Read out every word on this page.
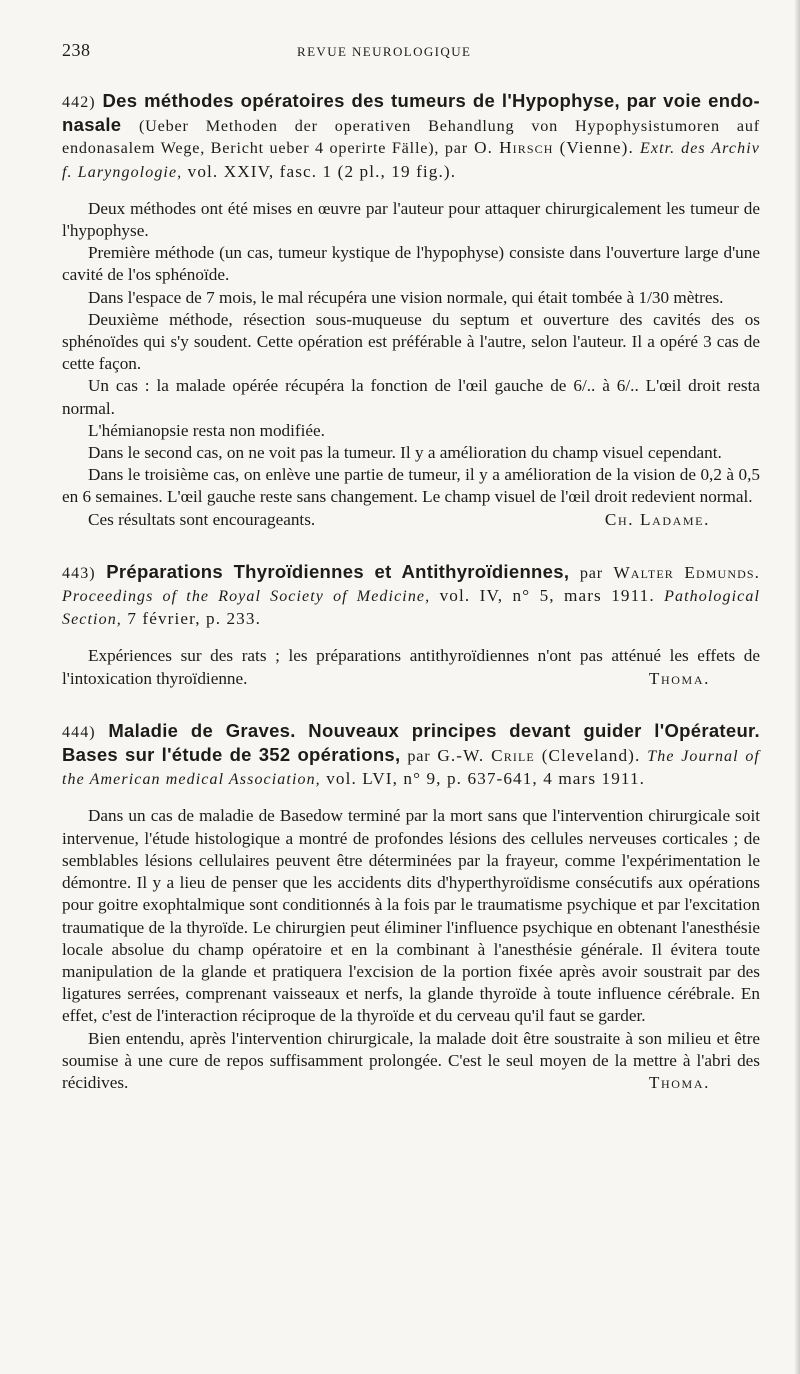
238	REVUE NEUROLOGIQUE

442) Des méthodes opératoires des tumeurs de l'Hypophyse, par voie endo-nasale (Ueber Methoden der operativen Behandlung von Hypophysistumoren auf endonasalem Wege, Bericht ueber 4 operirte Fälle), par O. Hirsch (Vienne). Extr. des Archiv f. Laryngologie, vol. XXIV, fasc. 1 (2 pl., 19 fig.).

Deux méthodes ont été mises en œuvre par l'auteur pour attaquer chirurgicalement les tumeur de l'hypophyse.

Première méthode (un cas, tumeur kystique de l'hypophyse) consiste dans l'ouverture large d'une cavité de l'os sphénoïde.

Dans l'espace de 7 mois, le mal récupéra une vision normale, qui était tombée à 1/30 mètres.

Deuxième méthode, résection sous-muqueuse du septum et ouverture des cavités des os sphénoïdes qui s'y soudent. Cette opération est préférable à l'autre, selon l'auteur. Il a opéré 3 cas de cette façon.

Un cas : la malade opérée récupéra la fonction de l'œil gauche de 6/.. à 6/.. L'œil droit resta normal.

L'hémianopsie resta non modifiée.

Dans le second cas, on ne voit pas la tumeur. Il y a amélioration du champ visuel cependant.

Dans le troisième cas, on enlève une partie de tumeur, il y a amélioration de la vision de 0,2 à 0,5 en 6 semaines. L'œil gauche reste sans changement. Le champ visuel de l'œil droit redevient normal.

Ces résultats sont encourageants.	Ch. Ladame.

443) Préparations Thyroïdiennes et Antithyroïdiennes, par Walter Edmunds. Proceedings of the Royal Society of Medicine, vol. IV, n° 5, mars 1911. Pathological Section, 7 février, p. 233.

Expériences sur des rats ; les préparations antithyroïdiennes n'ont pas atténué les effets de l'intoxication thyroïdienne.	Thoma.

444) Maladie de Graves. Nouveaux principes devant guider l'Opérateur. Bases sur l'étude de 352 opérations, par G.-W. Crile (Cleveland). The Journal of the American medical Association, vol. LVI, n° 9, p. 637-641, 4 mars 1911.

Dans un cas de maladie de Basedow terminé par la mort sans que l'intervention chirurgicale soit intervenue, l'étude histologique a montré de profondes lésions des cellules nerveuses corticales ; de semblables lésions cellulaires peuvent être déterminées par la frayeur, comme l'expérimentation le démontre. Il y a lieu de penser que les accidents dits d'hyperthyroïdisme consécutifs aux opérations pour goitre exophtalmique sont conditionnés à la fois par le traumatisme psychique et par l'excitation traumatique de la thyroïde. Le chirurgien peut éliminer l'influence psychique en obtenant l'anesthésie locale absolue du champ opératoire et en la combinant à l'anesthésie générale. Il évitera toute manipulation de la glande et pratiquera l'excision de la portion fixée après avoir soustrait par des ligatures serrées, comprenant vaisseaux et nerfs, la glande thyroïde à toute influence cérébrale. En effet, c'est de l'interaction réciproque de la thyroïde et du cerveau qu'il faut se garder.

Bien entendu, après l'intervention chirurgicale, la malade doit être soustraite à son milieu et être soumise à une cure de repos suffisamment prolongée. C'est le seul moyen de la mettre à l'abri des récidives.	Thoma.
